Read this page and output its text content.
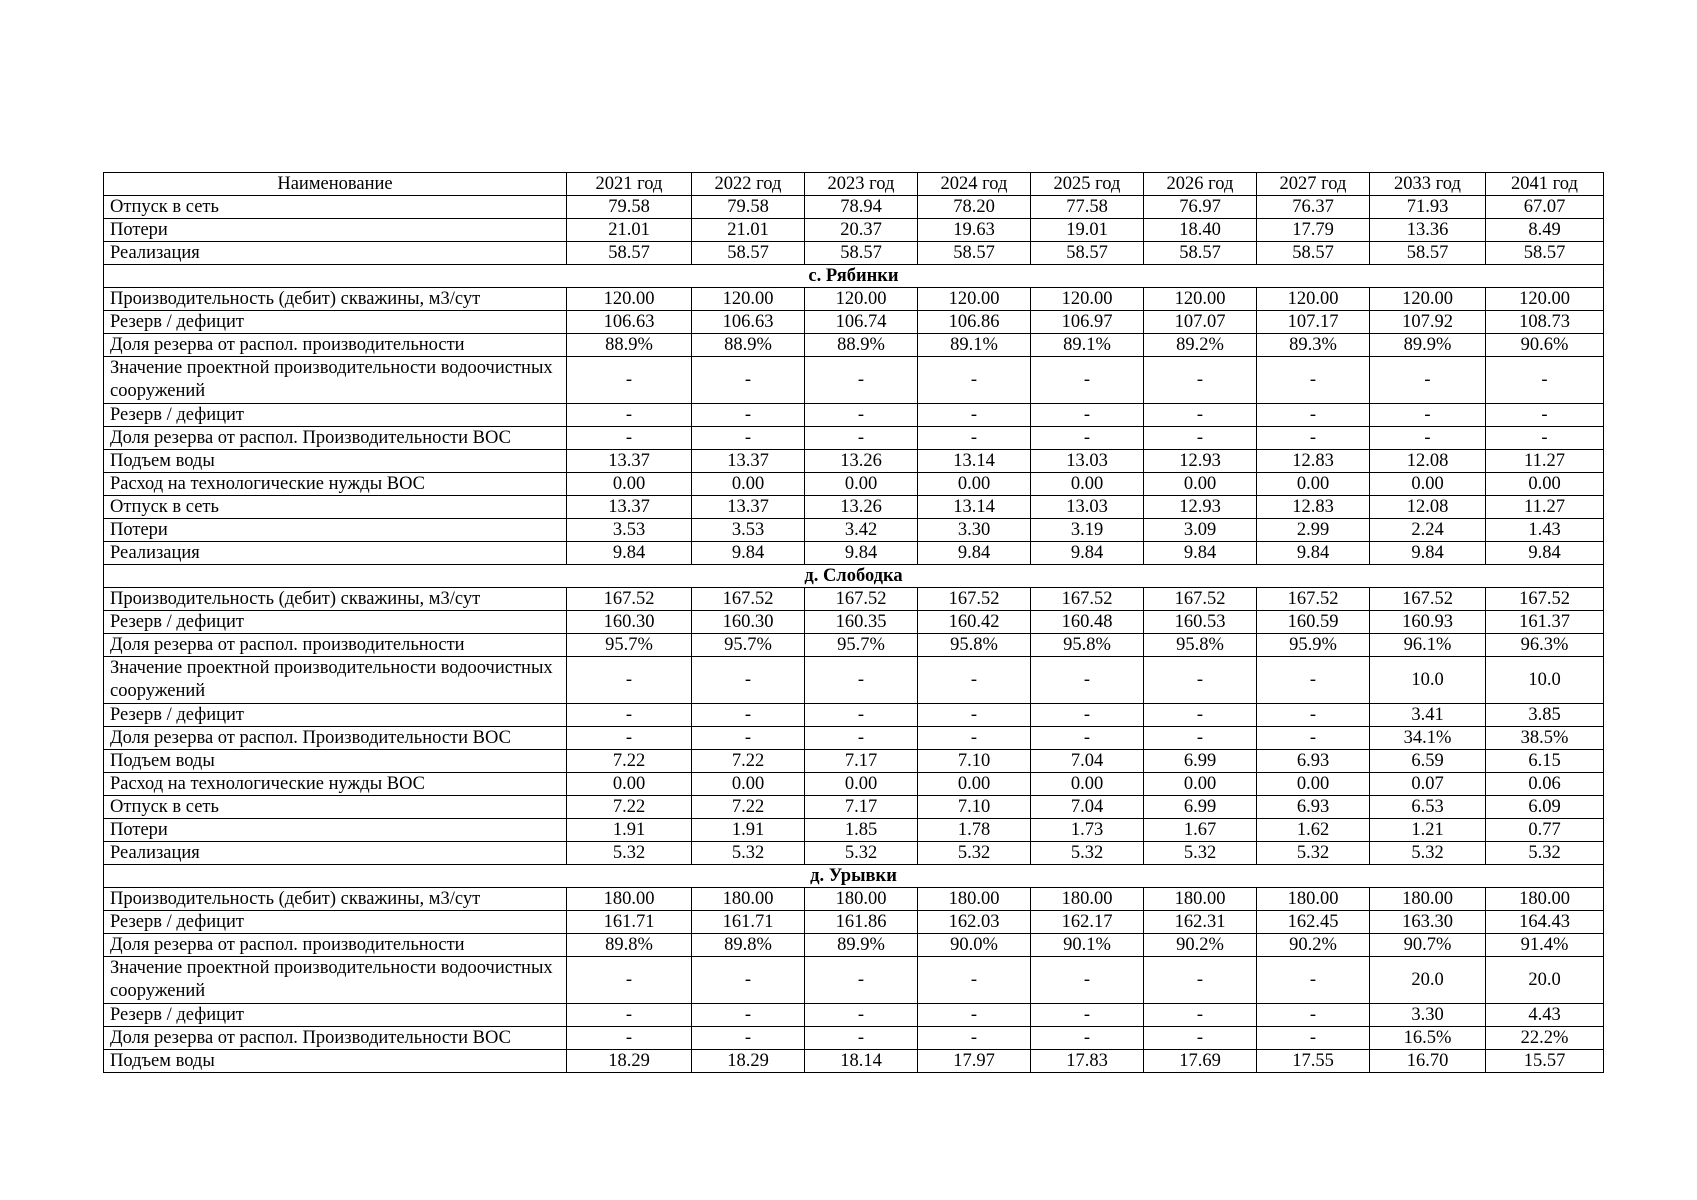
Наименование	2021 год	2022 год	2023 год	2024 год	2025 год	2026 год	2027 год	2033 год	2041 год
Отпуск в сеть	79.58	79.58	78.94	78.20	77.58	76.97	76.37	71.93	67.07
Потери	21.01	21.01	20.37	19.63	19.01	18.40	17.79	13.36	8.49
Реализация	58.57	58.57	58.57	58.57	58.57	58.57	58.57	58.57	58.57
с. Рябинки									
Производительность (дебит) скважины, м3/сут	120.00	120.00	120.00	120.00	120.00	120.00	120.00	120.00	120.00
Резерв / дефицит	106.63	106.63	106.74	106.86	106.97	107.07	107.17	107.92	108.73
Доля резерва от распол. производительности	88.9%	88.9%	88.9%	89.1%	89.1%	89.2%	89.3%	89.9%	90.6%
Значение проектной производительности водоочистных сооружений	-	-	-	-	-	-	-	-	-
Резерв / дефицит	-	-	-	-	-	-	-	-	-
Доля резерва от распол. Производительности ВОС	-	-	-	-	-	-	-	-	-
Подъем воды	13.37	13.37	13.26	13.14	13.03	12.93	12.83	12.08	11.27
Расход на технологические нужды ВОС	0.00	0.00	0.00	0.00	0.00	0.00	0.00	0.00	0.00
Отпуск в сеть	13.37	13.37	13.26	13.14	13.03	12.93	12.83	12.08	11.27
Потери	3.53	3.53	3.42	3.30	3.19	3.09	2.99	2.24	1.43
Реализация	9.84	9.84	9.84	9.84	9.84	9.84	9.84	9.84	9.84
д. Слободка									
Производительность (дебит) скважины, м3/сут	167.52	167.52	167.52	167.52	167.52	167.52	167.52	167.52	167.52
Резерв / дефицит	160.30	160.30	160.35	160.42	160.48	160.53	160.59	160.93	161.37
Доля резерва от распол. производительности	95.7%	95.7%	95.7%	95.8%	95.8%	95.8%	95.9%	96.1%	96.3%
Значение проектной производительности водоочистных сооружений	-	-	-	-	-	-	-	10.0	10.0
Резерв / дефицит	-	-	-	-	-	-	-	3.41	3.85
Доля резерва от распол. Производительности ВОС	-	-	-	-	-	-	-	34.1%	38.5%
Подъем воды	7.22	7.22	7.17	7.10	7.04	6.99	6.93	6.59	6.15
Расход на технологические нужды ВОС	0.00	0.00	0.00	0.00	0.00	0.00	0.00	0.07	0.06
Отпуск в сеть	7.22	7.22	7.17	7.10	7.04	6.99	6.93	6.53	6.09
Потери	1.91	1.91	1.85	1.78	1.73	1.67	1.62	1.21	0.77
Реализация	5.32	5.32	5.32	5.32	5.32	5.32	5.32	5.32	5.32
д. Урывки									
Производительность (дебит) скважины, м3/сут	180.00	180.00	180.00	180.00	180.00	180.00	180.00	180.00	180.00
Резерв / дефицит	161.71	161.71	161.86	162.03	162.17	162.31	162.45	163.30	164.43
Доля резерва от распол. производительности	89.8%	89.8%	89.9%	90.0%	90.1%	90.2%	90.2%	90.7%	91.4%
Значение проектной производительности водоочистных сооружений	-	-	-	-	-	-	-	20.0	20.0
Резерв / дефицит	-	-	-	-	-	-	-	3.30	4.43
Доля резерва от распол. Производительности ВОС	-	-	-	-	-	-	-	16.5%	22.2%
Подъем воды	18.29	18.29	18.14	17.97	17.83	17.69	17.55	16.70	15.57
